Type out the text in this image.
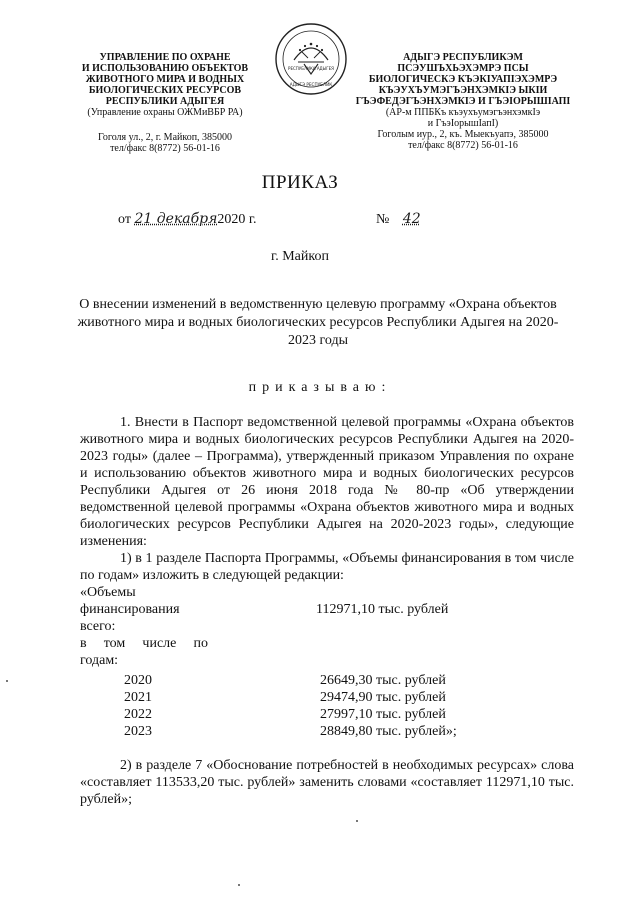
УПРАВЛЕНИЕ ПО ОХРАНЕ
И ИСПОЛЬЗОВАНИЮ ОБЪЕКТОВ
ЖИВОТНОГО МИРА И ВОДНЫХ
БИОЛОГИЧЕСКИХ РЕСУРСОВ
РЕСПУБЛИКИ АДЫГЕЯ
(Управление охраны ОЖМиВБР РА)
Гоголя ул., 2, г. Майкоп, 385000
тел/факс 8(8772) 56-01-16
РЕСПУБЛИКА АДЫГЕЯ
АДЫГЭ РЕСПУБЛИК
АДЫГЭ РЕСПУБЛИКЭМ
ПСЭУШЪХЬЭХЭМРЭ ПСЫ
БИОЛОГИЧЕСКЭ КЪЭКІУАПІЭХЭМРЭ
КЪЭУХЪУМЭГЪЭНХЭМКІЭ ЫКІИ
ГЪЭФЕДЭГЪЭНХЭМКІЭ И ГЪЭІОРЫШІАПІ
(АР-м ППБКъ къэухъумэгъэнхэмкІэ
и ГъэІорышІапІ)
Гоголым иур., 2, къ. Мыекъуапэ, 385000
тел/факс 8(8772) 56-01-16
ПРИКАЗ
от 21 декабря2020 г.	№ 42
г. Майкоп
О внесении изменений в ведомственную целевую программу «Охрана объектов животного мира и водных биологических ресурсов Республики Адыгея на 2020-2023 годы
приказываю:
1. Внести в Паспорт ведомственной целевой программы «Охрана объектов животного мира и водных биологических ресурсов Республики Адыгея на 2020-2023 годы» (далее – Программа), утвержденный приказом Управления по охране и использованию объектов животного мира и водных биологических ресурсов Республики Адыгея от 26 июня 2018 года № 80-пр «Об утверждении ведомственной целевой программы «Охрана объектов животного мира и водных биологических ресурсов Республики Адыгея на 2020-2023 годы», следующие изменения:
1) в 1 разделе Паспорта Программы, «Объемы финансирования в том числе по годам» изложить в следующей редакции:
«Объемы
финансирования
всего:
в том числе по
годам:
112971,10 тыс. рублей
2020	26649,30 тыс. рублей
2021	29474,90 тыс. рублей
2022	27997,10 тыс. рублей
2023	28849,80 тыс. рублей»;
2) в разделе 7 «Обоснование потребностей в необходимых ресурсах» слова «составляет 113533,20 тыс. рублей» заменить словами «составляет 112971,10 тыс. рублей»;
